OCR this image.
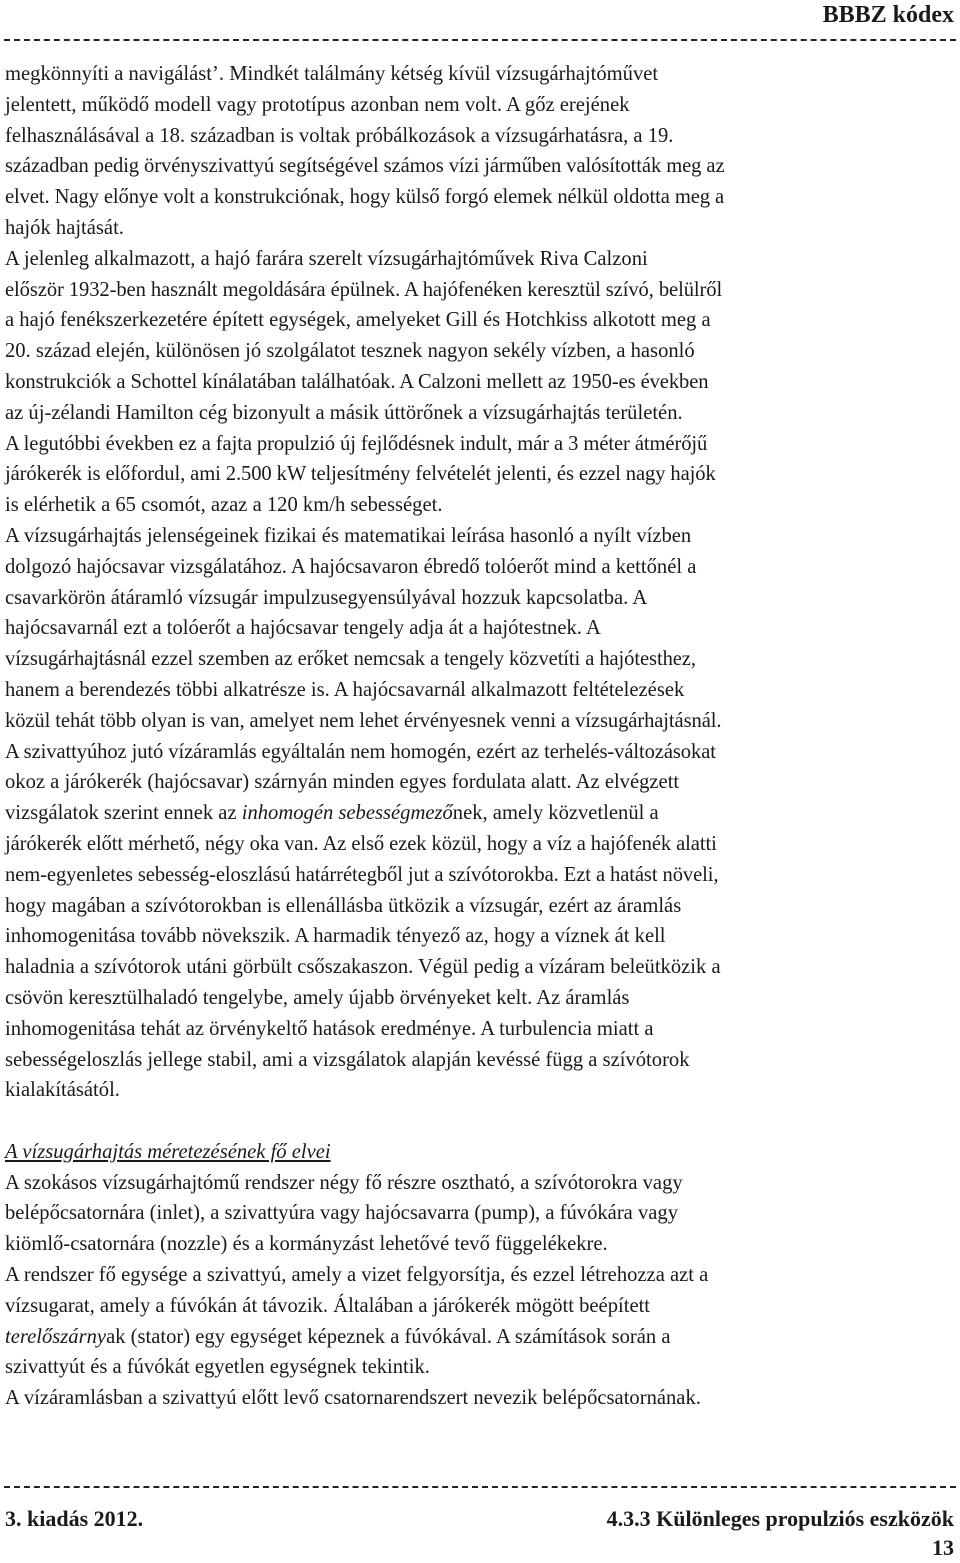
BBBZ kódex
megkönnyíti a navigálást’. Mindkét találmány kétség kívül vízsugárhajtóművet
jelentett, működő modell vagy prototípus azonban nem volt. A gőz erejének
felhasználásával a 18. században is voltak próbálkozások a vízsugárhatásra, a 19.
században pedig örvényszivattyú segítségével számos vízi járműben valósították meg az
elvet. Nagy előnye volt a konstrukciónak, hogy külső forgó elemek nélkül oldotta meg a
hajók hajtását.
A jelenleg alkalmazott, a hajó farára szerelt vízsugárhajtóművek Riva Calzoni
először 1932-ben használt megoldására épülnek. A hajófenéken keresztül szívó, belülről
a hajó fenékszerkezetére épített egységek, amelyeket Gill és Hotchkiss alkotott meg a
20. század elején, különösen jó szolgálatot tesznek nagyon sekély vízben, a hasonló
konstrukciók a Schottel kínálatában találhatóak. A Calzoni mellett az 1950-es években
az új-zélandi Hamilton cég bizonyult a másik úttörőnek a vízsugárhajtás területén.
A legutóbbi években ez a fajta propulzió új fejlődésnek indult, már a 3 méter átmérőjű
járókerék is előfordul, ami 2.500 kW teljesítmény felvételét jelenti, és ezzel nagy hajók
is elérhetik a 65 csomót, azaz a 120 km/h sebességet.
A vízsugárhajtás jelenségeinek fizikai és matematikai leírása hasonló a nyílt vízben
dolgozó hajócsavar vizsgálatához. A hajócsavaron ébredő tolóerőt mind a kettőnél a
csavarkörön átáramló vízsugár impulzusegyensúlyával hozzuk kapcsolatba. A
hajócsavarnál ezt a tolóerőt a hajócsavar tengely adja át a hajótestnek. A
vízsugárhajtásnál ezzel szemben az erőket nemcsak a tengely közvetíti a hajótesthez,
hanem a berendezés többi alkatrésze is. A hajócsavarnál alkalmazott feltételezések
közül tehát több olyan is van, amelyet nem lehet érvényesnek venni a vízsugárhajtásnál.
A szivattyúhoz jutó vízáramlás egyáltalán nem homogén, ezért az terhelés-változásokat
okoz a járókerék (hajócsavar) szárnyán minden egyes fordulata alatt. Az elvégzett
vizsgálatok szerint ennek az inhomogén sebességmezőnek, amely közvetlenül a
járókerék előtt mérhető, négy oka van. Az első ezek közül, hogy a víz a hajófenék alatti
nem-egyenletes sebesség-eloszlású határrétegből jut a szívótorokba. Ezt a hatást növeli,
hogy magában a szívótorokban is ellenállásba ütközik a vízsugár, ezért az áramlás
inhomogenitása tovább növekszik. A harmadik tényező az, hogy a víznek át kell
haladnia a szívótorok utáni görbült csőszakaszon. Végül pedig a vízáram beleütközik a
csövön keresztülhaladó tengelybe, amely újabb örvényeket kelt. Az áramlás
inhomogenitása tehát az örvénykeltő hatások eredménye. A turbulencia miatt a
sebességeloszlás jellege stabil, ami a vizsgálatok alapján kevéssé függ a szívótorok
kialakításától.
A vízsugárhajtás méretezésének fő elvei
A szokásos vízsugárhajtómű rendszer négy fő részre osztható, a szívótorokra vagy
belépőcsatornára (inlet), a szivattyúra vagy hajócsavarra (pump), a fúvókára vagy
kiömlő-csatornára (nozzle) és a kormányzást lehetővé tevő függelékekre.
A rendszer fő egysége a szivattyú, amely a vizet felgyorsítja, és ezzel létrehozza azt a
vízsugarat, amely a fúvókán át távozik. Általában a járókerék mögött beépített
terelőszárnyak (stator) egy egységet képeznek a fúvókával. A számítások során a
szivattyút és a fúvókát egyetlen egységnek tekintik.
A vízáramlásban a szivattyú előtt levő csatornarendszert nevezik belépőcsatornának.
3. kiadás 2012.	4.3.3 Különleges propulziós eszközök
13
